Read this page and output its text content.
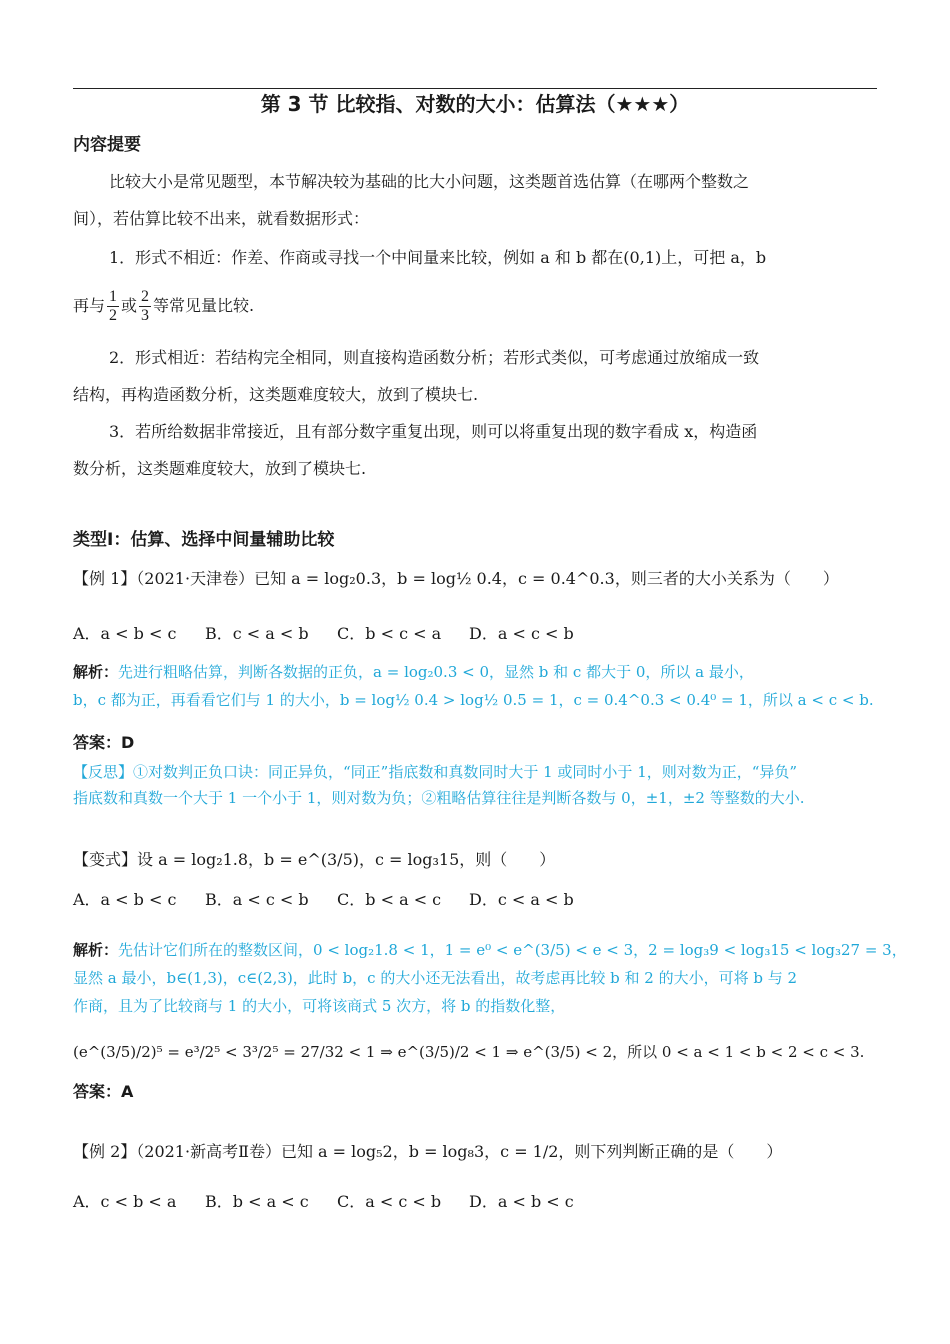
第 3 节 比较指、对数的大小：估算法（★★★）
内容提要
比较大小是常见题型，本节解决较为基础的比大小问题，这类题首选估算（在哪两个整数之
间），若估算比较不出来，就看数据形式：
1．形式不相近：作差、作商或寻找一个中间量来比较，例如 a 和 b 都在(0,1)上，可把 a，b
再与 $\frac{1}{2}$ 或 $\frac{2}{3}$ 等常见量比较.
2．形式相近：若结构完全相同，则直接构造函数分析；若形式类似，可考虑通过放缩成一致
结构，再构造函数分析，这类题难度较大，放到了模块七.
3．若所给数据非常接近，且有部分数字重复出现，则可以将重复出现的数字看成 x，构造函
数分析，这类题难度较大，放到了模块七.
类型Ⅰ：估算、选择中间量辅助比较
【例 1】（2021·天津卷）已知 a = log₂0.3，b = log½ 0.4，c = 0.4^0.3，则三者的大小关系为（　　）
A．a < b < c B．c < a < b C．b < c < a D．a < c < b
解析：先进行粗略估算，判断各数据的正负，a = log₂0.3 < 0，显然 b 和 c 都大于 0，所以 a 最小，
b，c 都为正，再看看它们与 1 的大小，b = log½ 0.4 > log½ 0.5 = 1，c = 0.4^0.3 < 0.4⁰ = 1，所以 a < c < b.
答案：D
【反思】①对数判正负口诀：同正异负，“同正”指底数和真数同时大于 1 或同时小于 1，则对数为正，“异负”
指底数和真数一个大于 1 一个小于 1，则对数为负；②粗略估算往往是判断各数与 0，±1，±2 等整数的大小.
【变式】设 a = log₂1.8，b = e^(3/5)，c = log₃15，则（　　）
A．a < b < c B．a < c < b C．b < a < c D．c < a < b
解析：先估计它们所在的整数区间，0 < log₂1.8 < 1，1 = e⁰ < e^(3/5) < e < 3，2 = log₃9 < log₃15 < log₃27 = 3，
显然 a 最小，b∈(1,3)，c∈(2,3)，此时 b，c 的大小还无法看出，故考虑再比较 b 和 2 的大小，可将 b 与 2
作商，且为了比较商与 1 的大小，可将该商式 5 次方，将 b 的指数化整，
(e^(3/5)/2)⁵ = e³/2⁵ < 3³/2⁵ = 27/32 < 1 ⇒ e^(3/5)/2 < 1 ⇒ e^(3/5) < 2，所以 0 < a < 1 < b < 2 < c < 3.
答案：A
【例 2】（2021·新高考Ⅱ卷）已知 a = log₅2，b = log₈3，c = 1/2，则下列判断正确的是（　　）
A．c < b < a B．b < a < c C．a < c < b D．a < b < c
